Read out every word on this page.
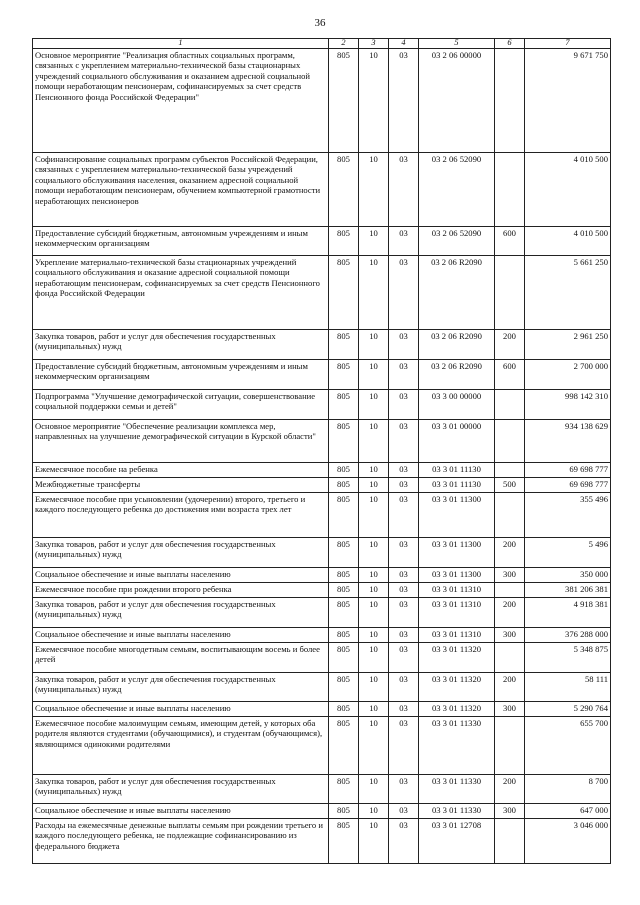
36
1	2	3	4	5	6	7
Основное мероприятие "Реализация областных социальных программ, связанных с укреплением материально-технической базы стационарных учреждений социального обслуживания и оказанием адресной социальной помощи неработающим пенсионерам, софинансируемых за счет средств Пенсионного фонда Российской Федерации"	805	10	03	03 2 06 00000		9 671 750
Софинансирование социальных программ субъектов Российской Федерации, связанных с укреплением материально-технической базы учреждений социального обслуживания населения, оказанием адресной социальной помощи неработающим пенсионерам, обучением компьютерной грамотности неработающих пенсионеров	805	10	03	03 2 06 52090		4 010 500
Предоставление субсидий бюджетным, автономным учреждениям и иным некоммерческим организациям	805	10	03	03 2 06 52090	600	4 010 500
Укрепление материально-технической базы стационарных учреждений социального обслуживания и оказание адресной социальной помощи неработающим пенсионерам, софинансируемых за счет средств Пенсионного фонда Российской Федерации	805	10	03	03 2 06 R2090		5 661 250
Закупка товаров, работ и услуг для обеспечения государственных (муниципальных) нужд	805	10	03	03 2 06 R2090	200	2 961 250
Предоставление субсидий бюджетным, автономным учреждениям и иным некоммерческим организациям	805	10	03	03 2 06 R2090	600	2 700 000
Подпрограмма "Улучшение демографической ситуации, совершенствование социальной поддержки семьи и детей"	805	10	03	03 3 00 00000		998 142 310
Основное мероприятие "Обеспечение реализации комплекса мер, направленных на улучшение демографической ситуации в Курской области"	805	10	03	03 3 01 00000		934 138 629
Ежемесячное пособие на ребенка	805	10	03	03 3 01 11130		69 698 777
Межбюджетные трансферты	805	10	03	03 3 01 11130	500	69 698 777
Ежемесячное пособие при усыновлении (удочерении) второго, третьего и каждого последующего ребенка до достижения ими возраста трех лет	805	10	03	03 3 01 11300		355 496
Закупка товаров, работ и услуг для обеспечения государственных (муниципальных) нужд	805	10	03	03 3 01 11300	200	5 496
Социальное обеспечение и иные выплаты населению	805	10	03	03 3 01 11300	300	350 000
Ежемесячное пособие при рождении второго ребенка	805	10	03	03 3 01 11310		381 206 381
Закупка товаров, работ и услуг для обеспечения государственных (муниципальных) нужд	805	10	03	03 3 01 11310	200	4 918 381
Социальное обеспечение и иные выплаты населению	805	10	03	03 3 01 11310	300	376 288 000
Ежемесячное пособие многодетным семьям, воспитывающим восемь и более детей	805	10	03	03 3 01 11320		5 348 875
Закупка товаров, работ и услуг для обеспечения государственных (муниципальных) нужд	805	10	03	03 3 01 11320	200	58 111
Социальное обеспечение и иные выплаты населению	805	10	03	03 3 01 11320	300	5 290 764
Ежемесячное пособие малоимущим семьям, имеющим детей, у которых оба родителя являются студентами (обучающимися), и студентам (обучающимся), являющимся одинокими родителями	805	10	03	03 3 01 11330		655 700
Закупка товаров, работ и услуг для обеспечения государственных (муниципальных) нужд	805	10	03	03 3 01 11330	200	8 700
Социальное обеспечение и иные выплаты населению	805	10	03	03 3 01 11330	300	647 000
Расходы на ежемесячные денежные выплаты семьям при рождении третьего и каждого последующего ребенка, не подлежащие софинансированию из федерального бюджета	805	10	03	03 3 01 12708		3 046 000
